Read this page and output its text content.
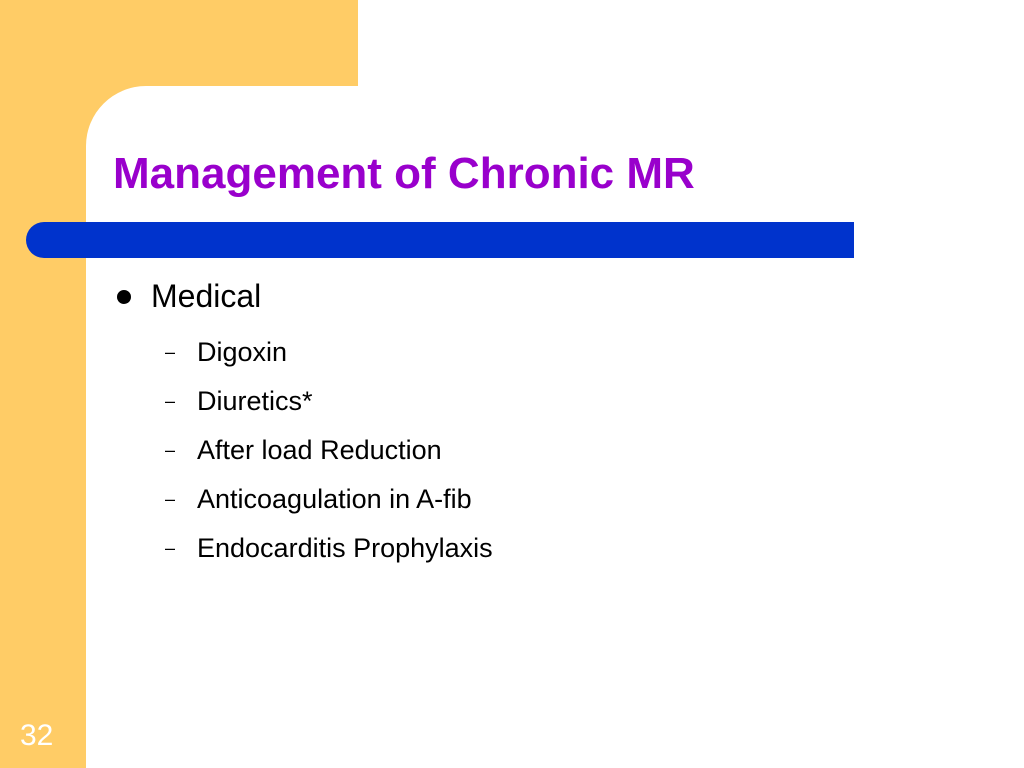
Management of Chronic MR
Medical
– Digoxin
– Diuretics*
– After load Reduction
– Anticoagulation in A-fib
– Endocarditis Prophylaxis
32
